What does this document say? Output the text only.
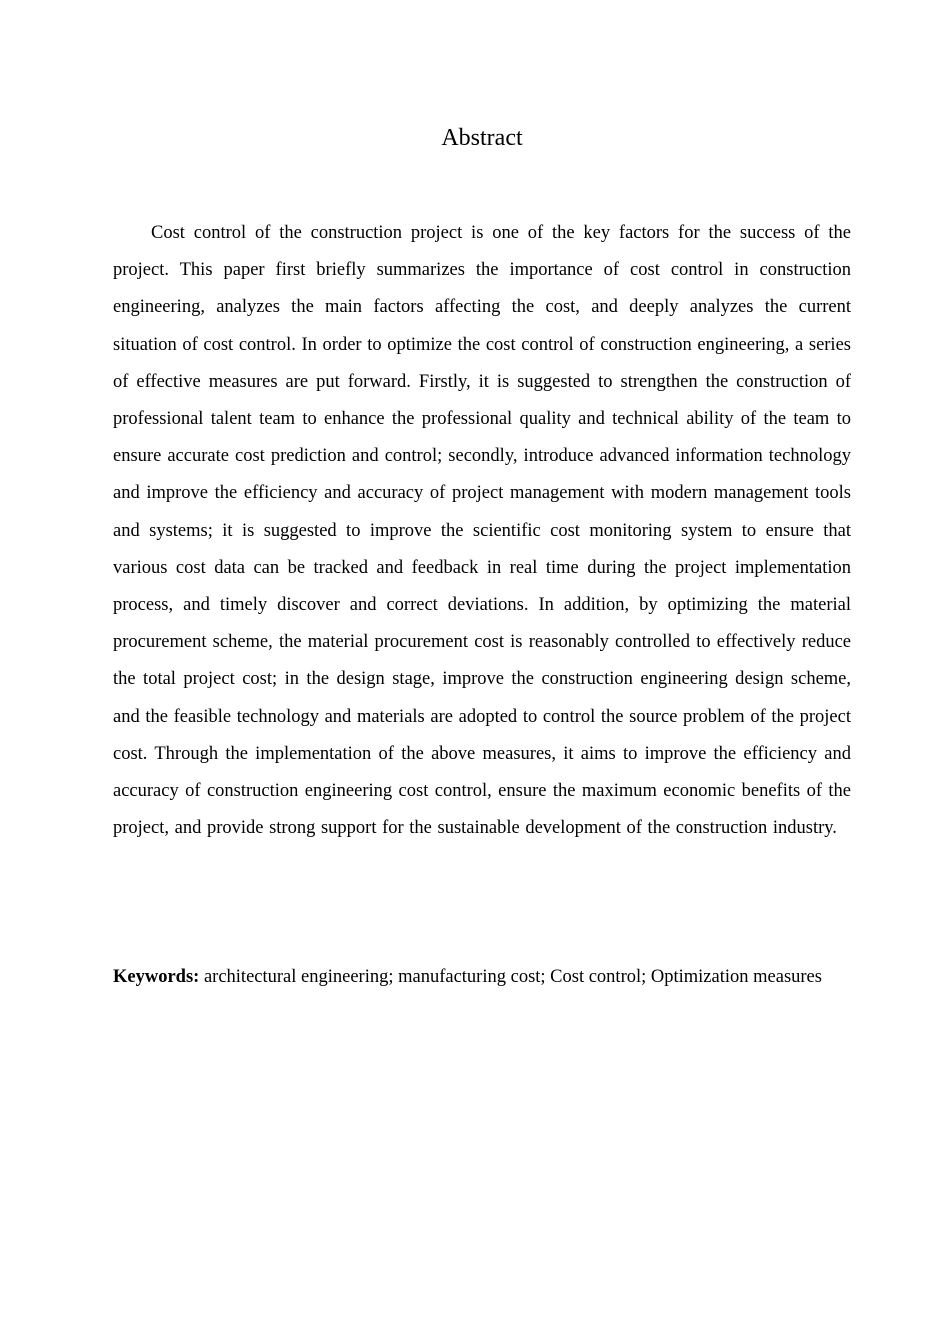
Abstract

Cost control of the construction project is one of the key factors for the success of the project. This paper first briefly summarizes the importance of cost control in construction engineering, analyzes the main factors affecting the cost, and deeply analyzes the current situation of cost control. In order to optimize the cost control of construction engineering, a series of effective measures are put forward. Firstly, it is suggested to strengthen the construction of professional talent team to enhance the professional quality and technical ability of the team to ensure accurate cost prediction and control; secondly, introduce advanced information technology and improve the efficiency and accuracy of project management with modern management tools and systems; it is suggested to improve the scientific cost monitoring system to ensure that various cost data can be tracked and feedback in real time during the project implementation process, and timely discover and correct deviations. In addition, by optimizing the material procurement scheme, the material procurement cost is reasonably controlled to effectively reduce the total project cost; in the design stage, improve the construction engineering design scheme, and the feasible technology and materials are adopted to control the source problem of the project cost. Through the implementation of the above measures, it aims to improve the efficiency and accuracy of construction engineering cost control, ensure the maximum economic benefits of the project, and provide strong support for the sustainable development of the construction industry.

Keywords: architectural engineering; manufacturing cost; Cost control; Optimization measures
